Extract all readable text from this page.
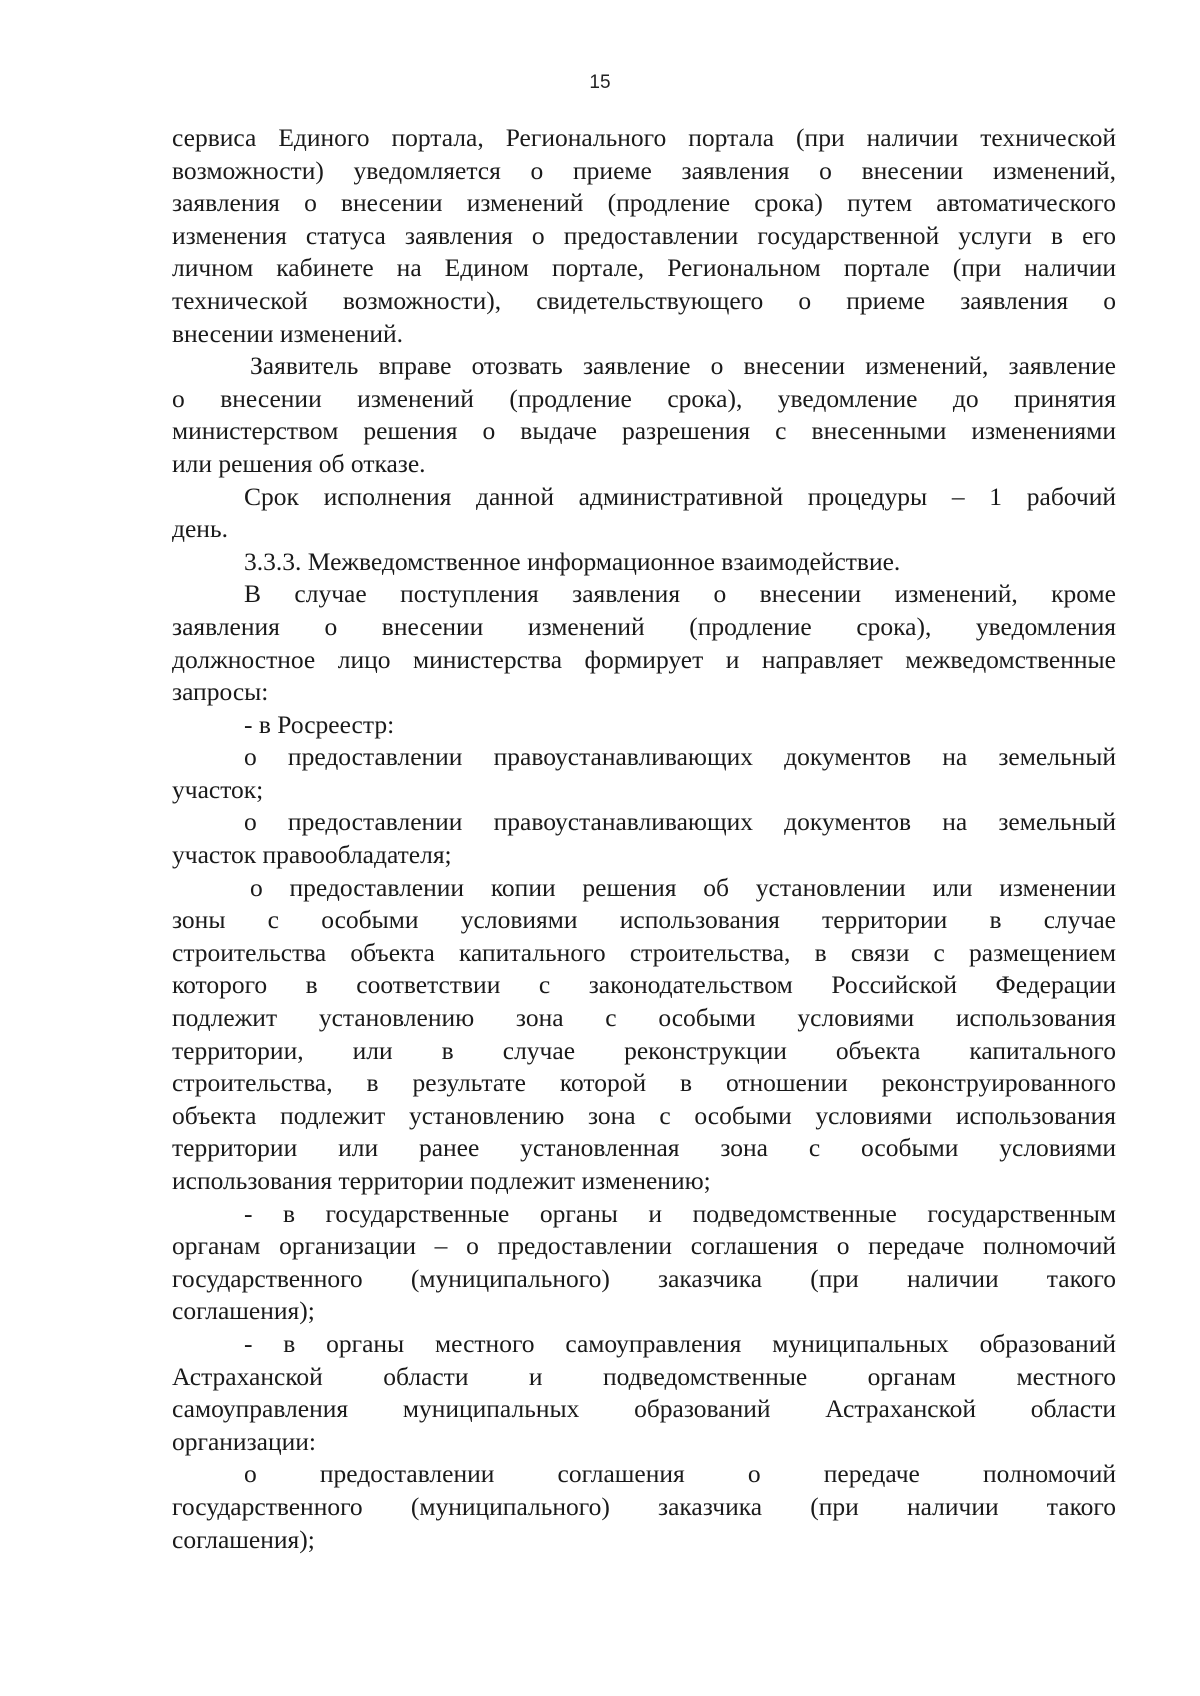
15

сервиса Единого портала, Регионального портала (при наличии технической

возможности) уведомляется о приеме заявления о внесении изменений,

заявления о внесении изменений (продление срока) путем автоматического

изменения статуса заявления о предоставлении государственной услуги в его

личном кабинете на Едином портале, Региональном портале (при наличии

технической возможности), свидетельствующего о приеме заявления о

внесении изменений.

Заявитель вправе отозвать заявление о внесении изменений, заявление

о внесении изменений (продление срока), уведомление до принятия

министерством решения о выдаче разрешения с внесенными изменениями

или решения об отказе.

Срок исполнения данной административной процедуры – 1 рабочий

день.

3.3.3. Межведомственное информационное взаимодействие.

В случае поступления заявления о внесении изменений, кроме

заявления о внесении изменений (продление срока), уведомления

должностное лицо министерства формирует и направляет межведомственные

запросы:

- в Росреестр:

о предоставлении правоустанавливающих документов на земельный

участок;

о предоставлении правоустанавливающих документов на земельный

участок правообладателя;

о предоставлении копии решения об установлении или изменении

зоны с особыми условиями использования территории в случае

строительства объекта капитального строительства, в связи с размещением

которого в соответствии с законодательством Российской Федерации

подлежит установлению зона с особыми условиями использования

территории, или в случае реконструкции объекта капитального

строительства, в результате которой в отношении реконструированного

объекта подлежит установлению зона с особыми условиями использования

территории или ранее установленная зона с особыми условиями

использования территории подлежит изменению;

- в государственные органы и подведомственные государственным

органам организации – о предоставлении соглашения о передаче полномочий

государственного (муниципального) заказчика (при наличии такого

соглашения);

- в органы местного самоуправления муниципальных образований

Астраханской области и подведомственные органам местного

самоуправления муниципальных образований Астраханской области

организации:

о предоставлении соглашения о передаче полномочий

государственного (муниципального) заказчика (при наличии такого

соглашения);
